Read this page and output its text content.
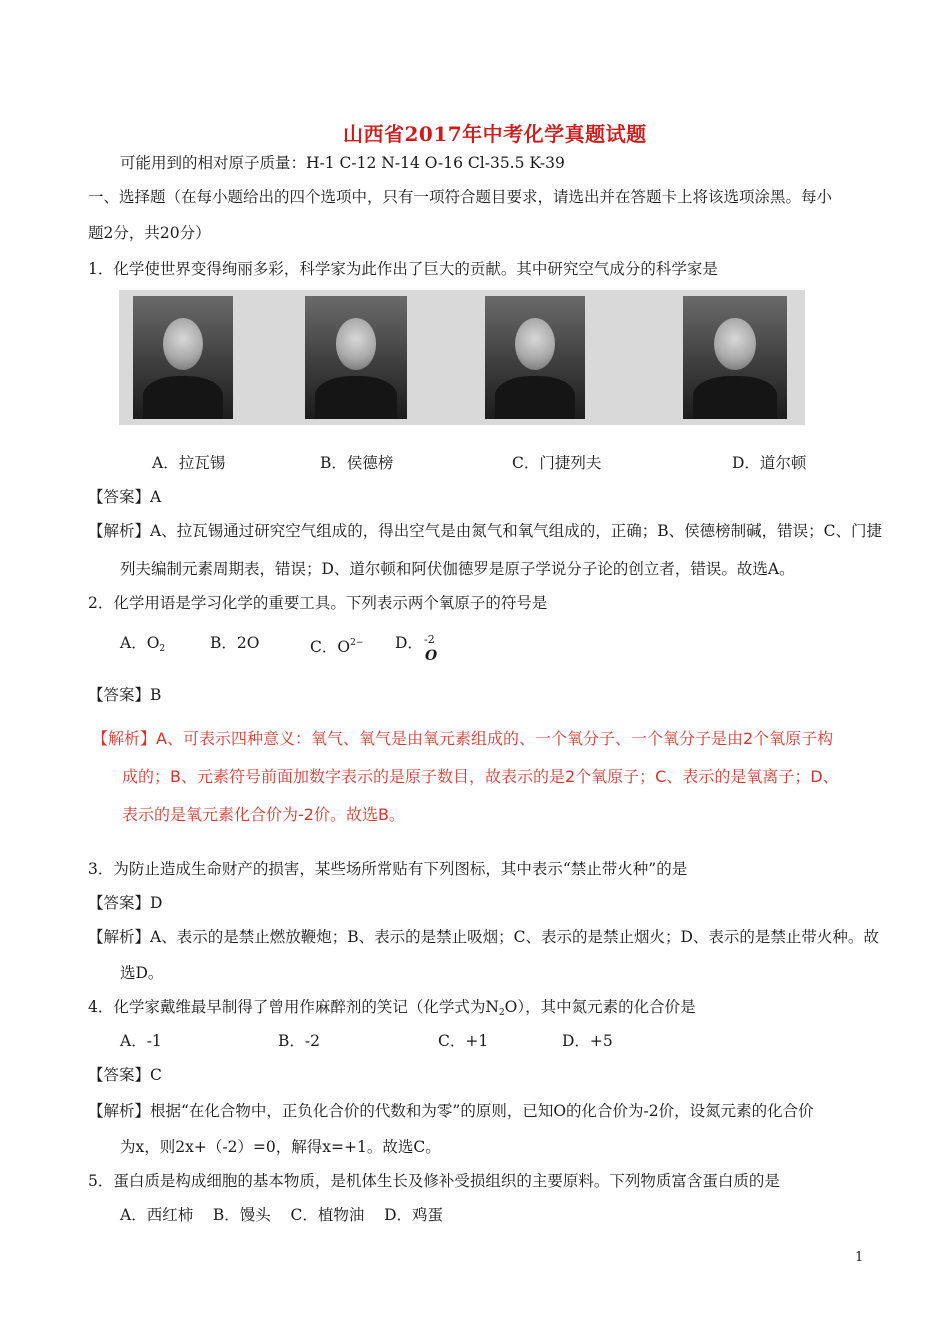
山西省2017年中考化学真题试题
可能用到的相对原子质量：H-1 C-12 N-14 O-16 Cl-35.5 K-39
一、选择题（在每小题给出的四个选项中，只有一项符合题目要求，请选出并在答题卡上将该选项涂黑。每小
题2分，共20分）
1．化学使世界变得绚丽多彩，科学家为此作出了巨大的贡献。其中研究空气成分的科学家是
A．拉瓦锡	B．侯德榜	C．门捷列夫	D．道尔顿
【答案】A
【解析】A、拉瓦锡通过研究空气组成的，得出空气是由氮气和氧气组成的，正确；B、侯德榜制碱，错误；C、门捷
列夫编制元素周期表，错误；D、道尔顿和阿伏伽德罗是原子学说分子论的创立者，错误。故选A。
2．化学用语是学习化学的重要工具。下列表示两个氧原子的符号是
A．$O_2$	B．2O	C．$O^{2-}$ D． -2
O
【答案】B
【解析】A、可表示四种意义：氧气、氧气是由氧元素组成的、一个氧分子、一个氧分子是由2个氧原子构
成的；B、元素符号前面加数字表示的是原子数目，故表示的是2个氧原子；C、表示的是氧离子；D、
表示的是氧元素化合价为-2价。故选B。
3．为防止造成生命财产的损害，某些场所常贴有下列图标，其中表示“禁止带火种”的是
【答案】D
【解析】A、表示的是禁止燃放鞭炮；B、表示的是禁止吸烟；C、表示的是禁止烟火；D、表示的是禁止带火种。故
选D。
4．化学家戴维最早制得了曾用作麻醉剂的笑记（化学式为$N_2O$），其中氮元素的化合价是
A．-1	B．-2	C．+1	D．+5
【答案】C
【解析】根据“在化合物中，正负化合价的代数和为零”的原则，已知O的化合价为-2价，设氮元素的化合价
为x，则2x+（-2）=0，解得x=+1。故选C。
5．蛋白质是构成细胞的基本物质，是机体生长及修补受损组织的主要原料。下列物质富含蛋白质的是
A．西红柿    B．馒头    C．植物油    D．鸡蛋
1
